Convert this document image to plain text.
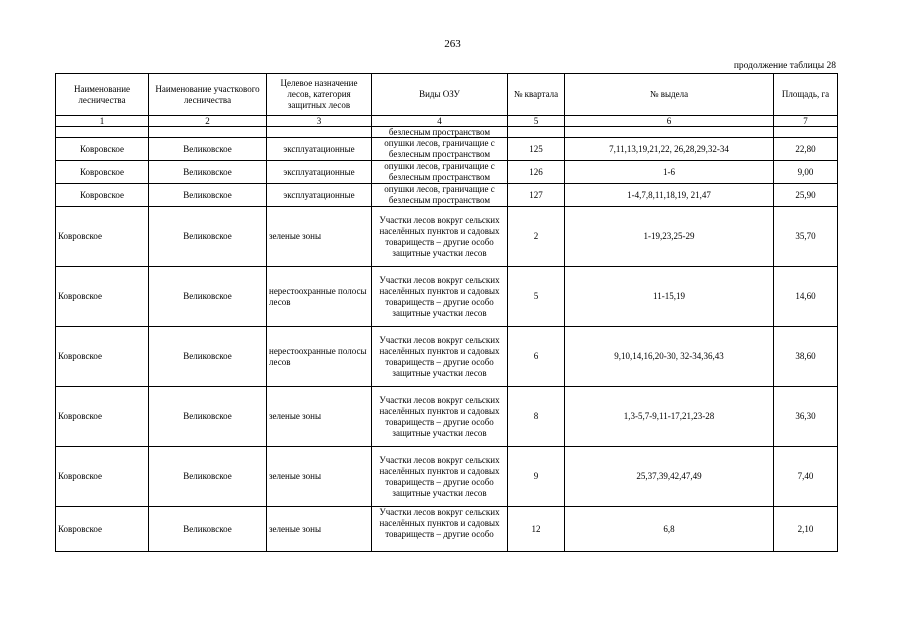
263
продолжение таблицы 28
Наименование лесничества	Наименование участкового лесничества	Целевое назначение лесов, категория защитных лесов	Виды ОЗУ	№ квартала	№ выдела	Площадь, га
1	2	3	4	5	6	7
			безлесным пространством			
Ковровское	Великовское	эксплуатационные	опушки лесов, граничащие с безлесным пространством	125	7,11,13,19,21,22, 26,28,29,32-34	22,80
Ковровское	Великовское	эксплуатационные	опушки лесов, граничащие с безлесным пространством	126	1-6	9,00
Ковровское	Великовское	эксплуатационные	опушки лесов, граничащие с безлесным пространством	127	1-4,7,8,11,18,19, 21,47	25,90
Ковровское	Великовское	зеленые зоны	Участки лесов вокруг сельских населённых пунктов и садовых товариществ – другие особо защитные участки лесов	2	1-19,23,25-29	35,70
Ковровское	Великовское	нерестоохранные полосы лесов	Участки лесов вокруг сельских населённых пунктов и садовых товариществ – другие особо защитные участки лесов	5	11-15,19	14,60
Ковровское	Великовское	нерестоохранные полосы лесов	Участки лесов вокруг сельских населённых пунктов и садовых товариществ – другие особо защитные участки лесов	6	9,10,14,16,20-30, 32-34,36,43	38,60
Ковровское	Великовское	зеленые зоны	Участки лесов вокруг сельских населённых пунктов и садовых товариществ – другие особо защитные участки лесов	8	1,3-5,7-9,11-17,21,23-28	36,30
Ковровское	Великовское	зеленые зоны	Участки лесов вокруг сельских населённых пунктов и садовых товариществ – другие особо защитные участки лесов	9	25,37,39,42,47,49	7,40
Ковровское	Великовское	зеленые зоны	Участки лесов вокруг сельских населённых пунктов и садовых товариществ – другие особо	12	6,8	2,10
